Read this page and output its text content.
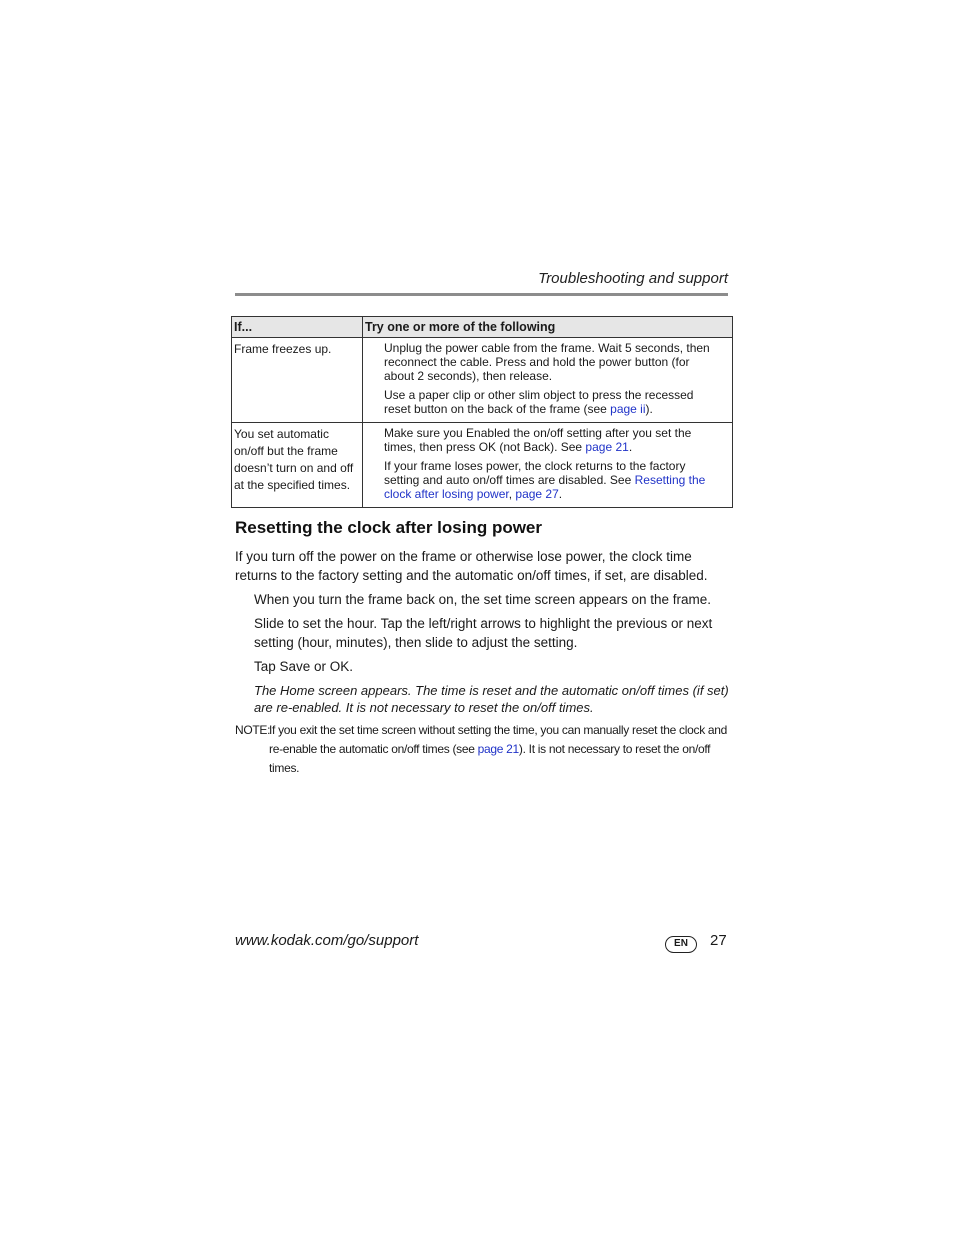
Troubleshooting and support
If...	Try one or more of the following
Frame freezes up.	Unplug the power cable from the frame. Wait 5 seconds, then reconnect the cable. Press and hold the power button (for about 2 seconds), then release.
Use a paper clip or other slim object to press the recessed reset button on the back of the frame (see page ii).

You set automatic on/off but the frame doesn’t turn on and off at the specified times.	Make sure you Enabled the on/off setting after you set the times, then press OK (not Back). See page 21.
If your frame loses power, the clock returns to the factory setting and auto on/off times are disabled. See Resetting the clock after losing power, page 27.
Resetting the clock after losing power

If you turn off the power on the frame or otherwise lose power, the clock time returns to the factory setting and the automatic on/off times, if set, are disabled.

When you turn the frame back on, the set time screen appears on the frame.

Slide to set the hour. Tap the left/right arrows to highlight the previous or next setting (hour, minutes), then slide to adjust the setting.

Tap Save or OK.

The Home screen appears. The time is reset and the automatic on/off times (if set) are re-enabled. It is not necessary to reset the on/off times.

NOTE:
If you exit the set time screen without setting the time, you can manually reset the clock and re-enable the automatic on/off times (see page 21). It is not necessary to reset the on/off times.
www.kodak.com/go/support	EN	27
